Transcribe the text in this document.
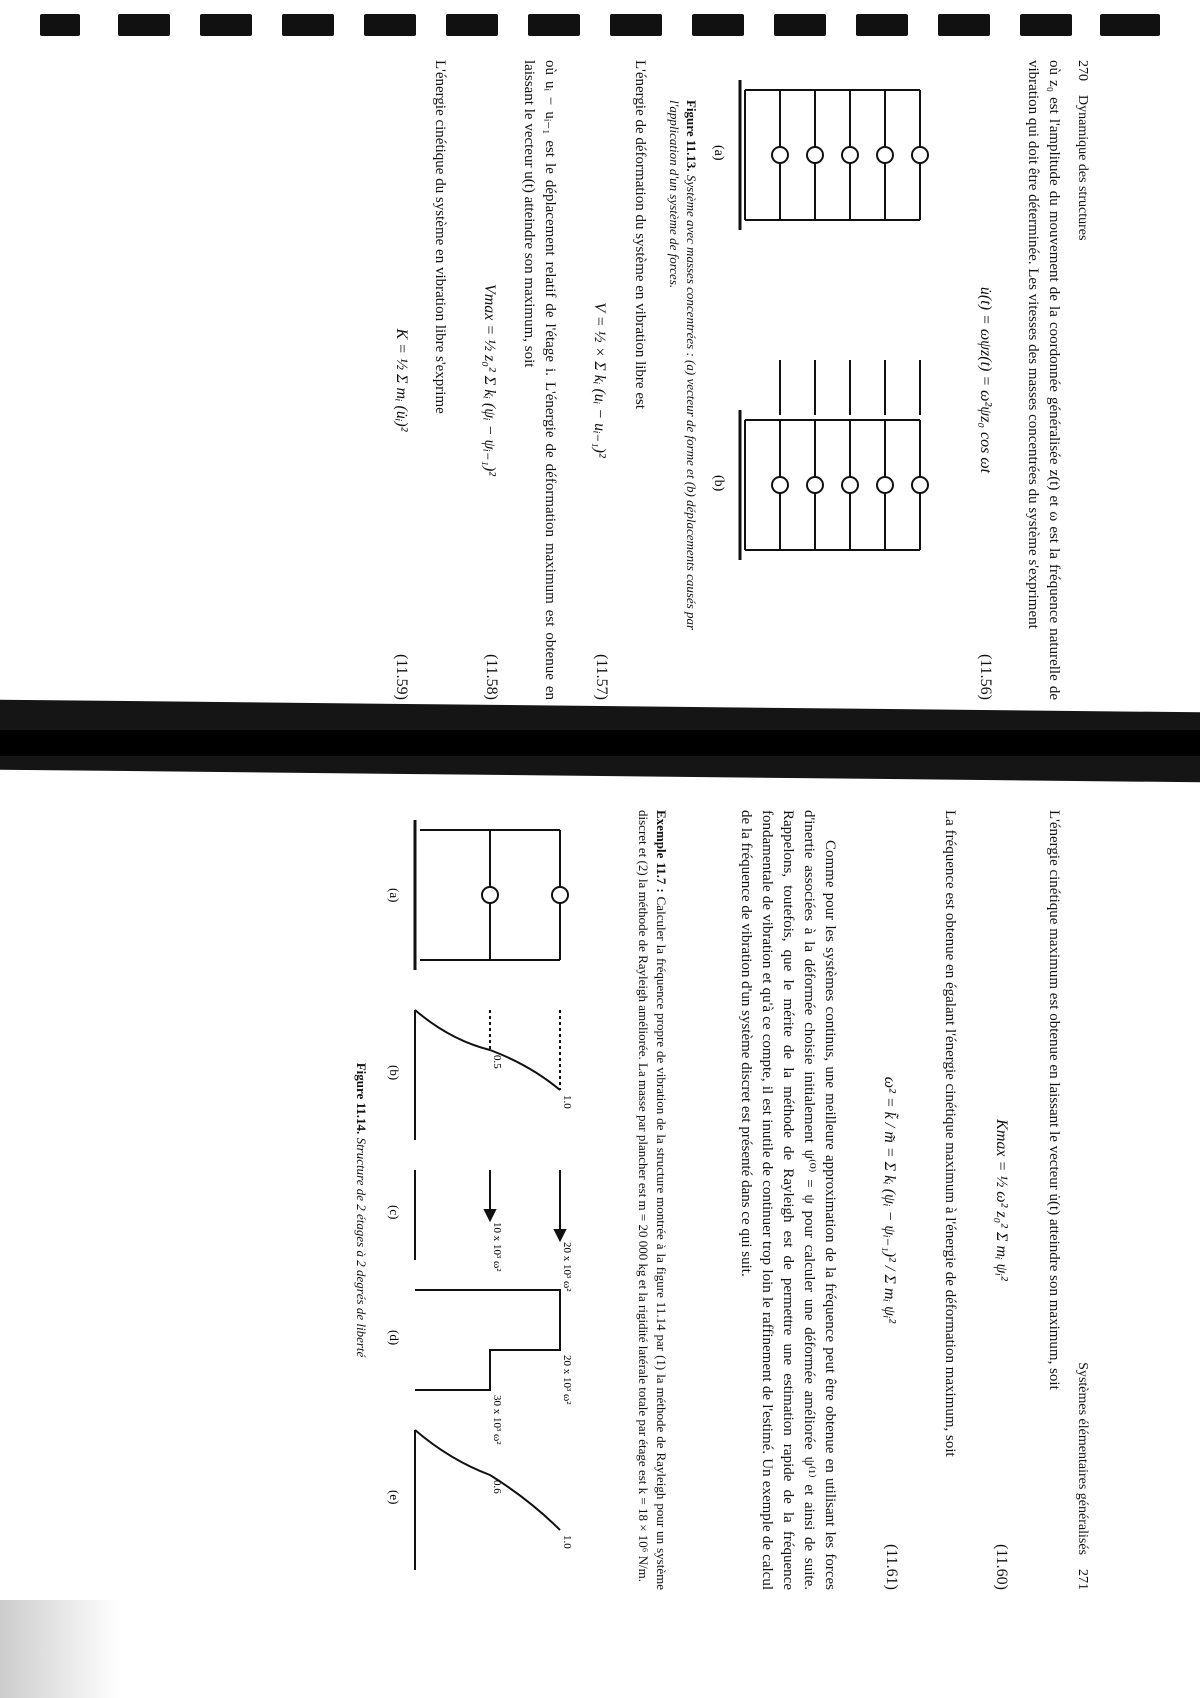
270    Dynamique des structures

où z₀ est l'amplitude du mouvement de la coordonnée généralisée z(t) et ω est la fréquence naturelle de vibration qui doit être déterminée. Les vitesses des masses concentrées du système s'expriment

u̇(t) = ωψz(t) = ω²ψz₀ cos ωt
(11.56)
(a)
(b)
Figure 11.13. Système avec masses concentrées : (a) vecteur de forme et (b) déplacements causés par l'application d'un système de forces.

L'énergie de déformation du système en vibration libre est

V = ½ × Σ kᵢ (uᵢ − uᵢ₋₁)²
(11.57)

où uᵢ − uᵢ₋₁ est le déplacement relatif de l'étage i. L'énergie de déformation maximum est obtenue en laissant le vecteur u(t) atteindre son maximum, soit

Vmax = ½ z₀² Σ kᵢ (ψᵢ − ψᵢ₋₁)²
(11.58)

L'énergie cinétique du système en vibration libre s'exprime

K = ½ Σ mᵢ (u̇ᵢ)²
(11.59)
Systèmes élémentaires généralisés    271

L'énergie cinétique maximum est obtenue en laissant le vecteur u̇(t) atteindre son maximum, soit

Kmax = ½ ω² z₀² Σ mᵢ ψᵢ²
(11.60)

La fréquence est obtenue en égalant l'énergie cinétique maximum à l'énergie de déformation maximum, soit

ω² = k̃ / m̃ = Σ kᵢ (ψᵢ − ψᵢ₋₁)² / Σ mᵢ ψᵢ²
(11.61)

Comme pour les systèmes continus, une meilleure approximation de la fréquence peut être obtenue en utilisant les forces d'inertie associées à la déformée choisie initialement ψ⁽⁰⁾ = ψ pour calculer une déformée améliorée ψ⁽¹⁾ et ainsi de suite. Rappelons, toutefois, que le mérite de la méthode de Rayleigh est de permettre une estimation rapide de la fréquence fondamentale de vibration et qu'à ce compte, il est inutile de continuer trop loin le raffinement de l'estimé. Un exemple de calcul de la fréquence de vibration d'un système discret est présenté dans ce qui suit.

Exemple 11.7 : Calculer la fréquence propre de vibration de la structure montrée à la figure 11.14 par (1) la méthode de Rayleigh pour un système discret et (2) la méthode de Rayleigh améliorée. La masse par plancher est m = 20 000 kg et la rigidité latérale totale par étage est k = 18 × 10⁶ N/m.

(a)
(b)
(c)
(d)
(e)
1.0
0.5
20 x 10³ ω²
10 x 10³ ω²
20 x 10³ ω²
30 x 10³ ω²
1.0
0.6
Figure 11.14. Structure de 2 étages à 2 degrés de liberté
